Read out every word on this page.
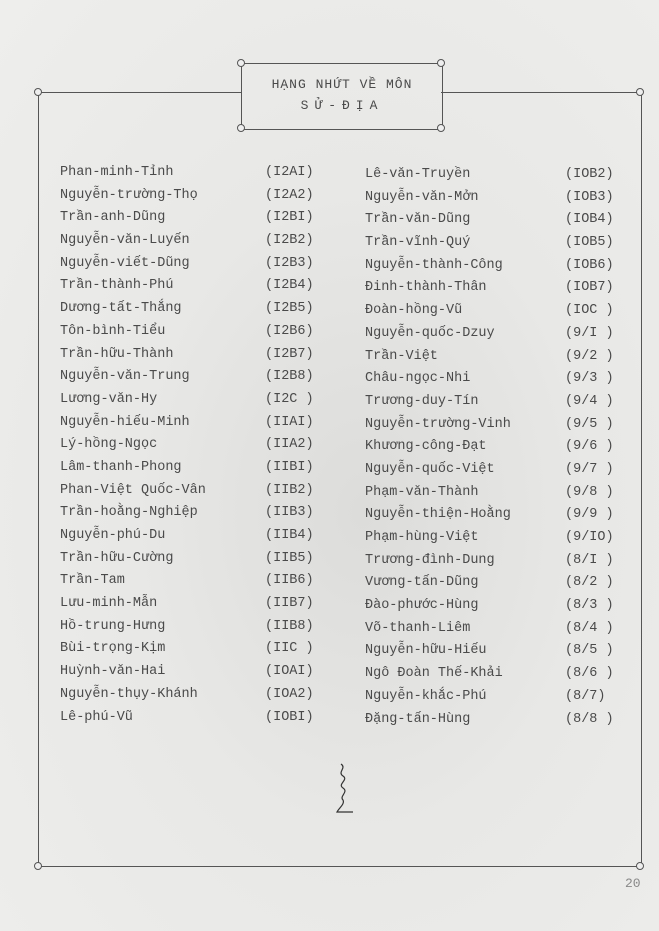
HẠNG NHỨT VỀ MÔN
SỬ-ĐỊA
Phan-minh-Tỉnh	(I2AI)
Nguyễn-trường-Thọ	(I2A2)
Trần-anh-Dũng	(I2BI)
Nguyễn-văn-Luyến	(I2B2)
Nguyễn-viết-Dũng	(I2B3)
Trần-thành-Phú	(I2B4)
Dương-tất-Thắng	(I2B5)
Tôn-bình-Tiểu	(I2B6)
Trần-hữu-Thành	(I2B7)
Nguyễn-văn-Trung	(I2B8)
Lương-văn-Hy	(I2C )
Nguyễn-hiếu-Minh	(IIAI)
Lý-hồng-Ngọc	(IIA2)
Lâm-thanh-Phong	(IIBI)
Phan-Việt Quốc-Vân	(IIB2)
Trần-hoằng-Nghiệp	(IIB3)
Nguyễn-phú-Du	(IIB4)
Trần-hữu-Cường	(IIB5)
Trần-Tam	(IIB6)
Lưu-minh-Mẫn	(IIB7)
Hồ-trung-Hưng	(IIB8)
Bùi-trọng-Kịm	(IIC )
Huỳnh-văn-Hai	(IOAI)
Nguyễn-thụy-Khánh	(IOA2)
Lê-phú-Vũ	(IOBI)
Lê-văn-Truyền	(IOB2)
Nguyễn-văn-Mởn	(IOB3)
Trần-văn-Dũng	(IOB4)
Trần-vĩnh-Quý	(IOB5)
Nguyễn-thành-Công	(IOB6)
Đinh-thành-Thân	(IOB7)
Đoàn-hồng-Vũ	(IOC )
Nguyễn-quốc-Dzuy	(9/I )
Trần-Việt	(9/2 )
Châu-ngọc-Nhi	(9/3 )
Trương-duy-Tín	(9/4 )
Nguyễn-trường-Vinh	(9/5 )
Khương-công-Đạt	(9/6 )
Nguyễn-quốc-Việt	(9/7 )
Phạm-văn-Thành	(9/8 )
Nguyễn-thiện-Hoằng	(9/9 )
Phạm-hùng-Việt	(9/IO)
Trương-đình-Dung	(8/I )
Vương-tấn-Dũng	(8/2 )
Đào-phước-Hùng	(8/3 )
Võ-thanh-Liêm	(8/4 )
Nguyễn-hữu-Hiếu	(8/5 )
Ngô Đoàn Thế-Khải	(8/6 )
Nguyễn-khắc-Phú	(8/7)
Đặng-tấn-Hùng	(8/8 )
20
